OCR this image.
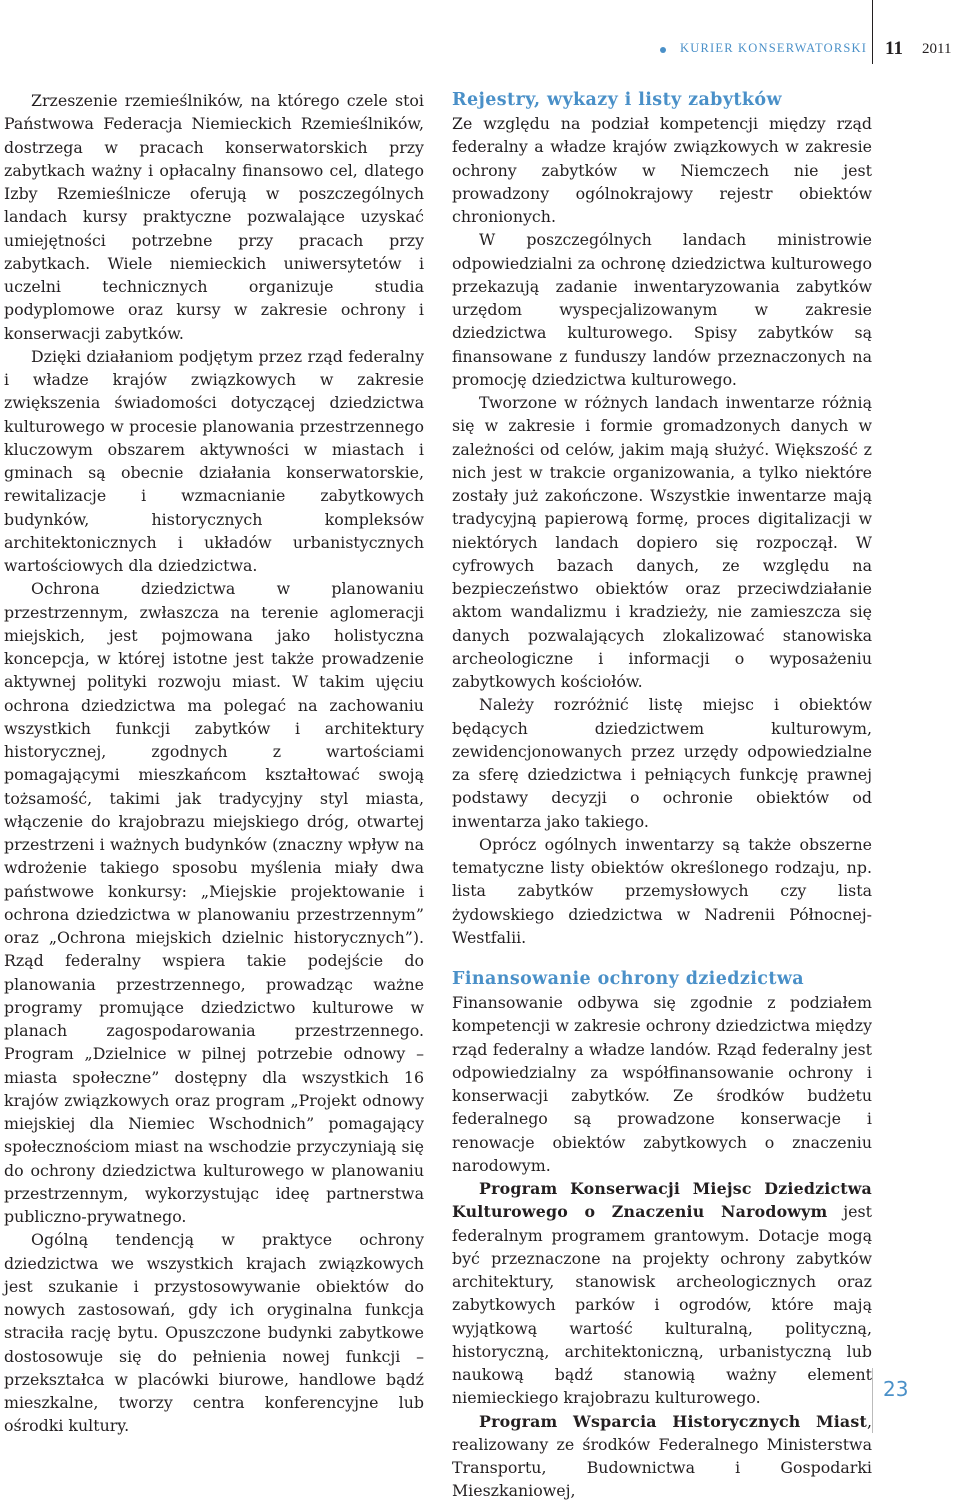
KURIER KONSERWATORSKI 11 2011

Zrzeszenie rzemieślników, na którego czele stoi Państwowa Federacja Niemieckich Rzemieślników, dostrzega w pracach konserwatorskich przy zabytkach ważny i opłacalny finansowo cel, dlatego Izby Rzemieślnicze oferują w poszczególnych landach kursy praktyczne pozwalające uzyskać umiejętności potrzebne przy pracach przy zabytkach. Wiele niemieckich uniwersytetów i uczelni technicznych organizuje studia podyplomowe oraz kursy w zakresie ochrony i konserwacji zabytków.

Dzięki działaniom podjętym przez rząd federalny i władze krajów związkowych w zakresie zwiększenia świadomości dotyczącej dziedzictwa kulturowego w procesie planowania przestrzennego kluczowym obszarem aktywności w miastach i gminach są obecnie działania konserwatorskie, rewitalizacje i wzmacnianie zabytkowych budynków, historycznych kompleksów architektonicznych i układów urbanistycznych wartościowych dla dziedzictwa.

Ochrona dziedzictwa w planowaniu przestrzennym, zwłaszcza na terenie aglomeracji miejskich, jest pojmowana jako holistyczna koncepcja, w której istotne jest także prowadzenie aktywnej polityki rozwoju miast. W takim ujęciu ochrona dziedzictwa ma polegać na zachowaniu wszystkich funkcji zabytków i architektury historycznej, zgodnych z wartościami pomagającymi mieszkańcom kształtować swoją tożsamość, takimi jak tradycyjny styl miasta, włączenie do krajobrazu miejskiego dróg, otwartej przestrzeni i ważnych budynków (znaczny wpływ na wdrożenie takiego sposobu myślenia miały dwa państwowe konkursy: „Miejskie projektowanie i ochrona dziedzictwa w planowaniu przestrzennym” oraz „Ochrona miejskich dzielnic historycznych”). Rząd federalny wspiera takie podejście do planowania przestrzennego, prowadząc ważne programy promujące dziedzictwo kulturowe w planach zagospodarowania przestrzennego. Program „Dzielnice w pilnej potrzebie odnowy – miasta społeczne” dostępny dla wszystkich 16 krajów związkowych oraz program „Projekt odnowy miejskiej dla Niemiec Wschodnich” pomagający społecznościom miast na wschodzie przyczyniają się do ochrony dziedzictwa kulturowego w planowaniu przestrzennym, wykorzystując ideę partnerstwa publiczno-prywatnego.

Ogólną tendencją w praktyce ochrony dziedzictwa we wszystkich krajach związkowych jest szukanie i przystosowywanie obiektów do nowych zastosowań, gdy ich oryginalna funkcja straciła rację bytu. Opuszczone budynki zabytkowe dostosowuje się do pełnienia nowej funkcji – przekształca w placówki biurowe, handlowe bądź mieszkalne, tworzy centra konferencyjne lub ośrodki kultury.

Rejestry, wykazy i listy zabytków

Ze względu na podział kompetencji między rząd federalny a władze krajów związkowych w zakresie ochrony zabytków w Niemczech nie jest prowadzony ogólnokrajowy rejestr obiektów chronionych.

W poszczególnych landach ministrowie odpowiedzialni za ochronę dziedzictwa kulturowego przekazują zadanie inwentaryzowania zabytków urzędom wyspecjalizowanym w zakresie dziedzictwa kulturowego. Spisy zabytków są finansowane z funduszy landów przeznaczonych na promocję dziedzictwa kulturowego.

Tworzone w różnych landach inwentarze różnią się w zakresie i formie gromadzonych danych w zależności od celów, jakim mają służyć. Większość z nich jest w trakcie organizowania, a tylko niektóre zostały już zakończone. Wszystkie inwentarze mają tradycyjną papierową formę, proces digitalizacji w niektórych landach dopiero się rozpoczął. W cyfrowych bazach danych, ze względu na bezpieczeństwo obiektów oraz przeciwdziałanie aktom wandalizmu i kradzieży, nie zamieszcza się danych pozwalających zlokalizować stanowiska archeologiczne i informacji o wyposażeniu zabytkowych kościołów.

Należy rozróżnić listę miejsc i obiektów będących dziedzictwem kulturowym, zewidencjonowanych przez urzędy odpowiedzialne za sferę dziedzictwa i pełniących funkcję prawnej podstawy decyzji o ochronie obiektów od inwentarza jako takiego.

Oprócz ogólnych inwentarzy są także obszerne tematyczne listy obiektów określonego rodzaju, np. lista zabytków przemysłowych czy lista żydowskiego dziedzictwa w Nadrenii Północnej-Westfalii.

Finansowanie ochrony dziedzictwa

Finansowanie odbywa się zgodnie z podziałem kompetencji w zakresie ochrony dziedzictwa między rząd federalny a władze landów. Rząd federalny jest odpowiedzialny za współfinansowanie ochrony i konserwacji zabytków. Ze środków budżetu federalnego są prowadzone konserwacje i renowacje obiektów zabytkowych o znaczeniu narodowym.

Program Konserwacji Miejsc Dziedzictwa Kulturowego o Znaczeniu Narodowym jest federalnym programem grantowym. Dotacje mogą być przeznaczone na projekty ochrony zabytków architektury, stanowisk archeologicznych oraz zabytkowych parków i ogrodów, które mają wyjątkową wartość kulturalną, polityczną, historyczną, architektoniczną, urbanistyczną lub naukową bądź stanowią ważny element niemieckiego krajobrazu kulturowego.

Program Wsparcia Historycznych Miast, realizowany ze środków Federalnego Ministerstwa Transportu, Budownictwa i Gospodarki Mieszkaniowej,

23
